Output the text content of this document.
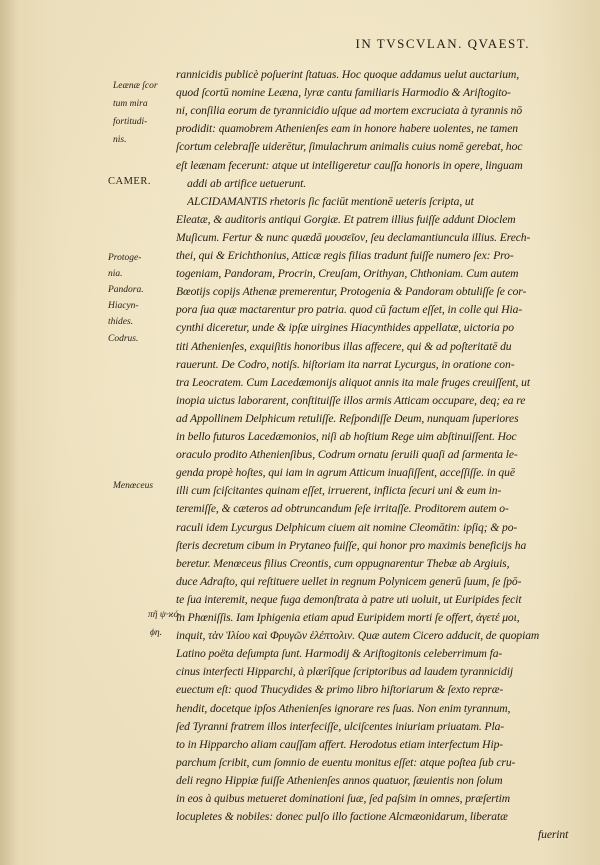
IN TVSCVLAN. QVAEST.
Leænæ ſcor
tum mira
fortitudi-
nis.
CAMER.
Protoge-
nia.
Pandora.
Hiacyn-
thides.
Codrus.
Menœceus
πῆ ψ·ϰό-
ϕη.
rannicidis publicè poſuerint ſtatuas. Hoc quoque addamus uelut auctarium,
quod ſcortū nomine Leæna, lyræ cantu familiaris Harmodio & Ariſtogito-
ni, conſilia eorum de tyrannicidio uſque ad mortem excruciata à tyrannis nō
prodidit: quamobrem Athenienſes eam in honore habere uolentes, ne tamen
ſcortum celebraſſe uiderētur, ſimulachrum animalis cuius nomē gerebat, hoc
eſt leænam fecerunt: atque ut intelligeretur cauſſa honoris in opere, linguam
addi ab artifice uetuerunt.
ALCIDAMANTIS rhetoris ſic faciūt mentionē ueteris ſcripta, ut
Eleatæ, & auditoris antiqui Gorgiæ. Et patrem illius fuiſſe addunt Dioclem
Muſicum. Fertur & nunc quædā μουσεῖον, ſeu declamantiuncula illius. Erech-
thei, qui & Erichthonius, Atticæ regis filias tradunt fuiſſe numero ſex: Pro-
togeniam, Pandoram, Procrin, Creuſam, Orithyan, Chthoniam. Cum autem
Bœotijs copijs Athenæ premerentur, Protogenia & Pandoram obtuliſſe ſe cor-
pora ſua quæ mactarentur pro patria. quod cū factum eſſet, in colle qui Hia-
cynthi diceretur, unde & ipſæ uirgines Hiacynthides appellatæ, uictoria po
titi Athenienſes, exquiſitis honoribus illas affecere, qui & ad poſteritatē du
rauerunt. De Codro, notiſs. hiſtoriam ita narrat Lycurgus, in oratione con-
tra Leocratem. Cum Lacedæmonijs aliquot annis ita male fruges creuiſſent, ut
inopia uictus laborarent, conſtituiſſe illos armis Atticam occupare, deq; ea re
ad Appollinem Delphicum retuliſſe. Reſpondiſſe Deum, nunquam ſuperiores
in bello futuros Lacedæmonios, niſi ab hoſtium Rege uim abſtinuiſſent. Hoc
oraculo prodito Athenienſibus, Codrum ornatu ſeruili quaſi ad ſarmenta le-
genda propè hoſtes, qui iam in agrum Atticum inuaſiſſent, acceſſiſſe. in quē
illi cum ſciſcitantes quinam eſſet, irruerent, inflicta ſecuri uni & eum in-
teremiſſe, & cæteros ad obtruncandum ſeſe irritaſſe. Proditorem autem o-
raculi idem Lycurgus Delphicum ciuem ait nomine Cleomātin: ipſiq; & po-
ſteris decretum cibum in Prytaneo fuiſſe, qui honor pro maximis beneficijs ha
beretur. Menœceus filius Creontis, cum oppugnarentur Thebæ ab Argiuis,
duce Adraſto, qui reſtituere uellet in regnum Polynicem generū ſuum, ſe ſpō-
te ſua interemit, neque fuga demonſtrata à patre uti uoluit, ut Euripides fecit
in Phœniſſis. Iam Iphigenia etiam apud Euripidem morti ſe offert, ἀγετέ μοι,
inquit, τὰν Ἰλίου καὶ Φρυγῶν ἑλέπτολιν. Quæ autem Cicero adducit, de quopiam
Latino poëta deſumpta ſunt. Harmodij & Ariſtogitonis celeberrimum fa-
cinus interfecti Hipparchi, à plærîſque ſcriptoribus ad laudem tyrannicidij
euectum eſt: quod Thucydides & primo libro hiſtoriarum & ſexto repræ-
hendit, docetque ipſos Athenienſes ignorare res ſuas. Non enim tyrannum,
ſed Tyranni fratrem illos interfeciſſe, ulciſcentes iniuriam priuatam. Pla-
to in Hipparcho aliam cauſſam affert. Herodotus etiam interfectum Hip-
parchum ſcribit, cum ſomnio de euentu monitus eſſet: atque poſtea ſub cru-
deli regno Hippiæ fuiſſe Athenienſes annos quatuor, ſæuientis non ſolum
in eos à quibus metueret dominationi ſuæ, ſed paſsim in omnes, præſertim
locupletes & nobiles: donec pulſo illo factione Alcmæonidarum, liberatæ
fuerint
